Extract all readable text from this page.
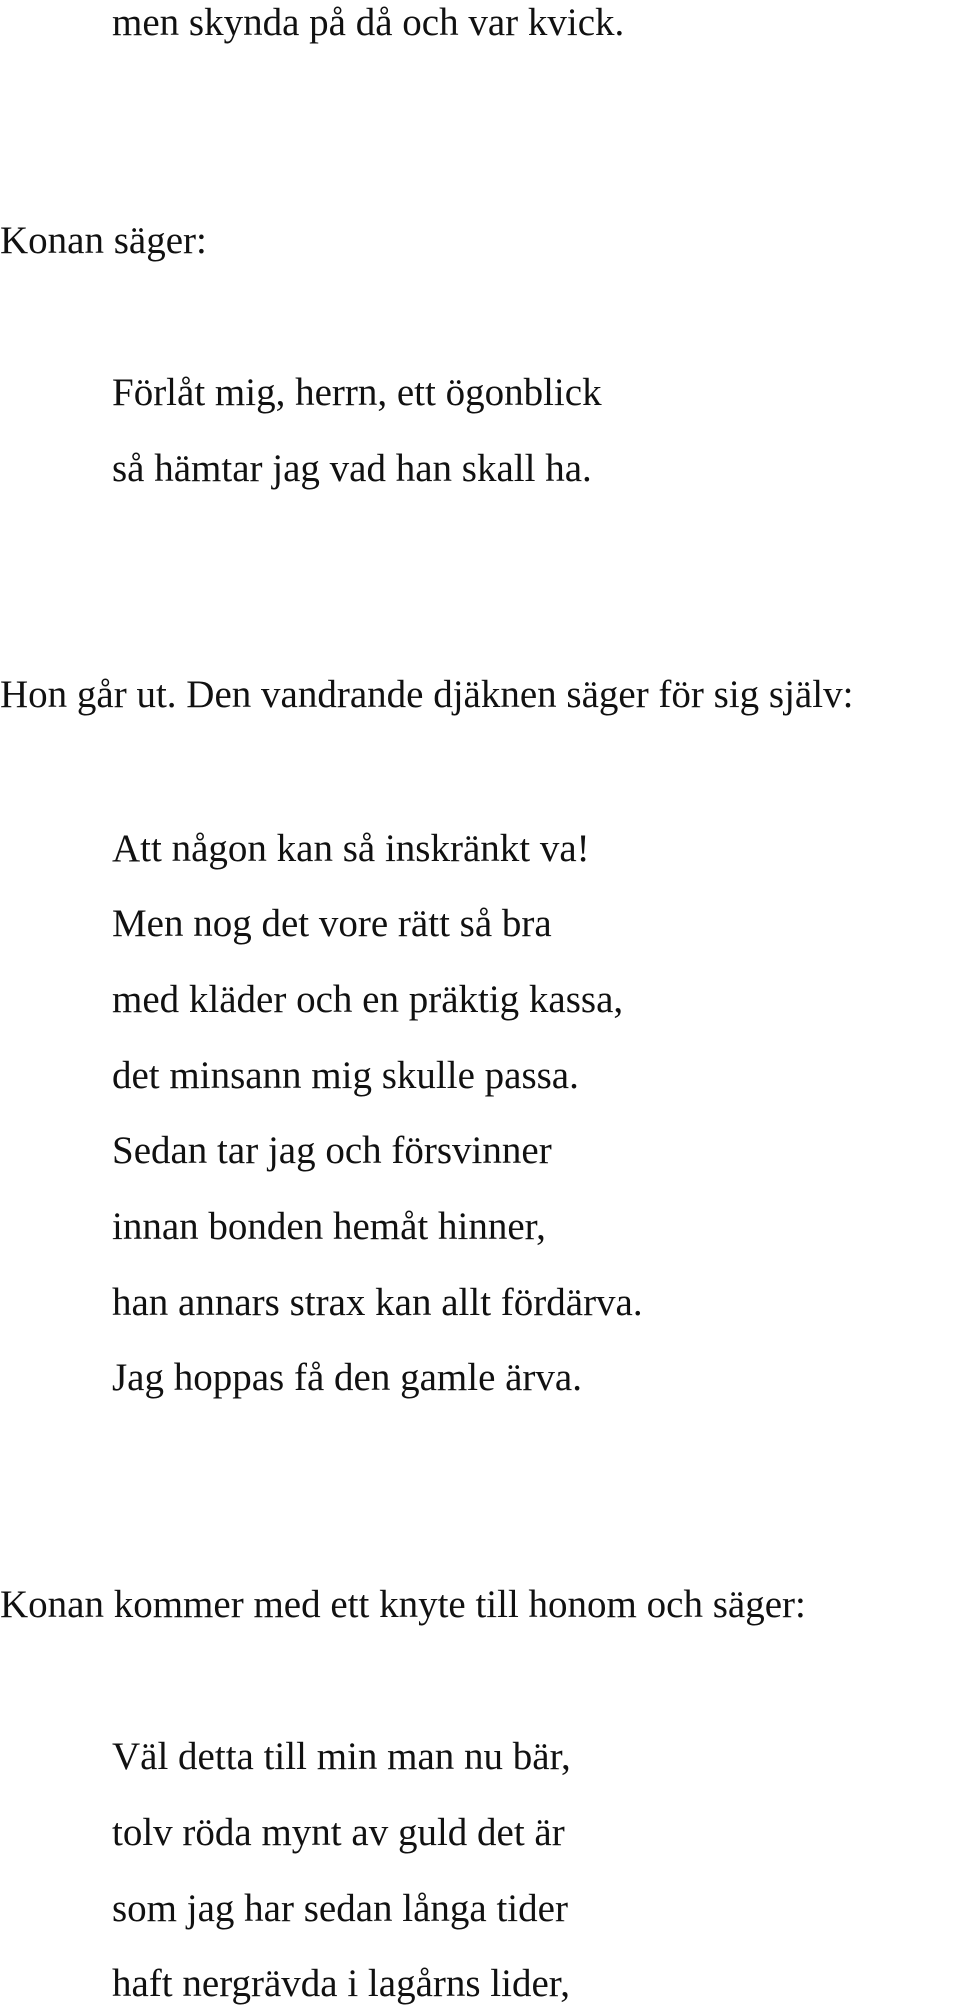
men skynda på då och var kvick.

Konan säger:

Förlåt mig, herrn, ett ögonblick

så hämtar jag vad han skall ha.

Hon går ut. Den vandrande djäknen säger för sig själv:

Att någon kan så inskränkt va!

Men nog det vore rätt så bra

med kläder och en präktig kassa,

det minsann mig skulle passa.

Sedan tar jag och försvinner

innan bonden hemåt hinner,

han annars strax kan allt fördärva.

Jag hoppas få den gamle ärva.

Konan kommer med ett knyte till honom och säger:

Väl detta till min man nu bär,

tolv röda mynt av guld det är

som jag har sedan långa tider

haft nergrävda i lagårns lider,
